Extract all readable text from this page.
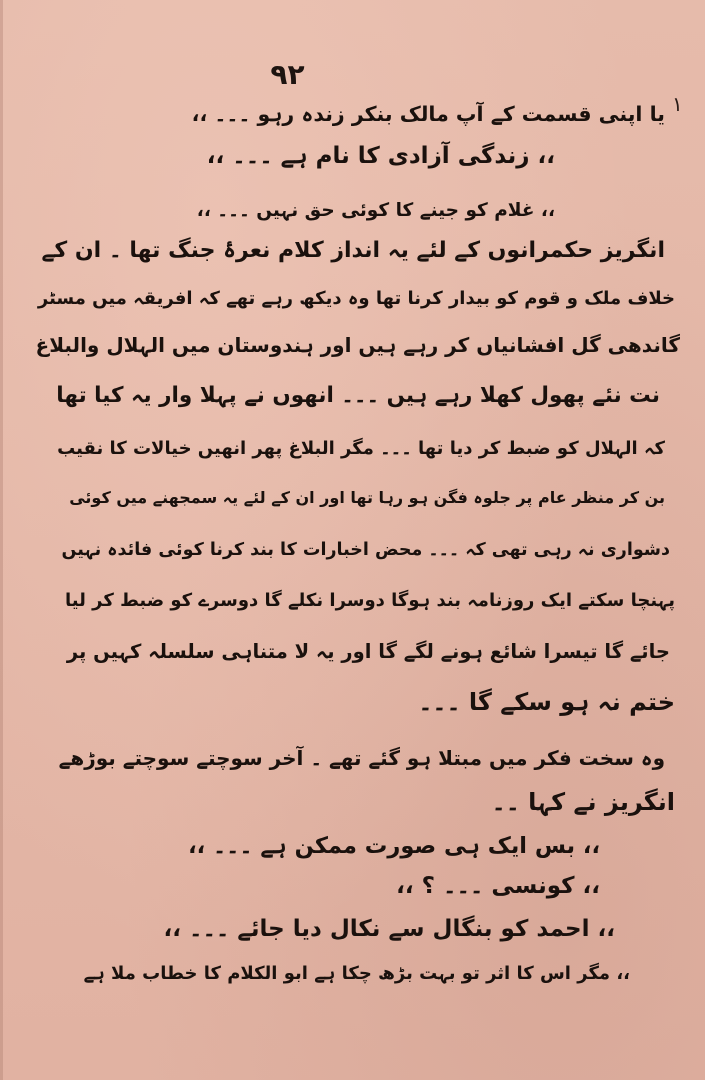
۹۲
١
یا اپنی قسمت کے آپ مالک بنکر زندہ رہو ۔۔۔ ،،
،، زندگی آزادی کا نام ہے ۔۔۔ ،،
،، غلام کو جینے کا کوئی حق نہیں ۔۔۔ ،،
انگریز حکمرانوں کے لئے یہ انداز کلام نعرۂ جنگ تھا ۔ ان کے
خلاف ملک و قوم کو بیدار کرنا تھا وہ دیکھ رہے تھے کہ افریقہ میں مسٹر
گاندھی گل افشانیاں کر رہے ہیں اور ہندوستان میں الہلال والبلاغ
نت نئے پھول کھلا رہے ہیں ۔۔۔ انھوں نے پہلا وار یہ کیا تھا
کہ الہلال کو ضبط کر دیا تھا ۔۔۔ مگر البلاغ پھر انھیں خیالات کا نقیب
بن کر منظر عام پر جلوہ فگن ہو رہا تھا اور ان کے لئے یہ سمجھنے میں کوئی
دشواری نہ رہی تھی کہ ۔۔۔ محض اخبارات کا بند کرنا کوئی فائدہ نہیں
پہنچا سکتے ایک روزنامہ بند ہوگا دوسرا نکلے گا دوسرے کو ضبط کر لیا
جائے گا تیسرا شائع ہونے لگے گا اور یہ لا متناہی سلسلہ کہیں پر
ختم نہ ہو سکے گا ۔۔۔
وہ سخت فکر میں مبتلا ہو گئے تھے ۔ آخر سوچتے سوچتے بوڑھے
انگریز نے کہا ۔۔
،، بس ایک ہی صورت ممکن ہے ۔۔۔ ،،
،، کونسی ۔۔۔ ؟ ،،
،، احمد کو بنگال سے نکال دیا جائے ۔۔۔ ،،
،، مگر اس کا اثر تو بہت بڑھ چکا ہے ابو الکلام کا خطاب ملا ہے
